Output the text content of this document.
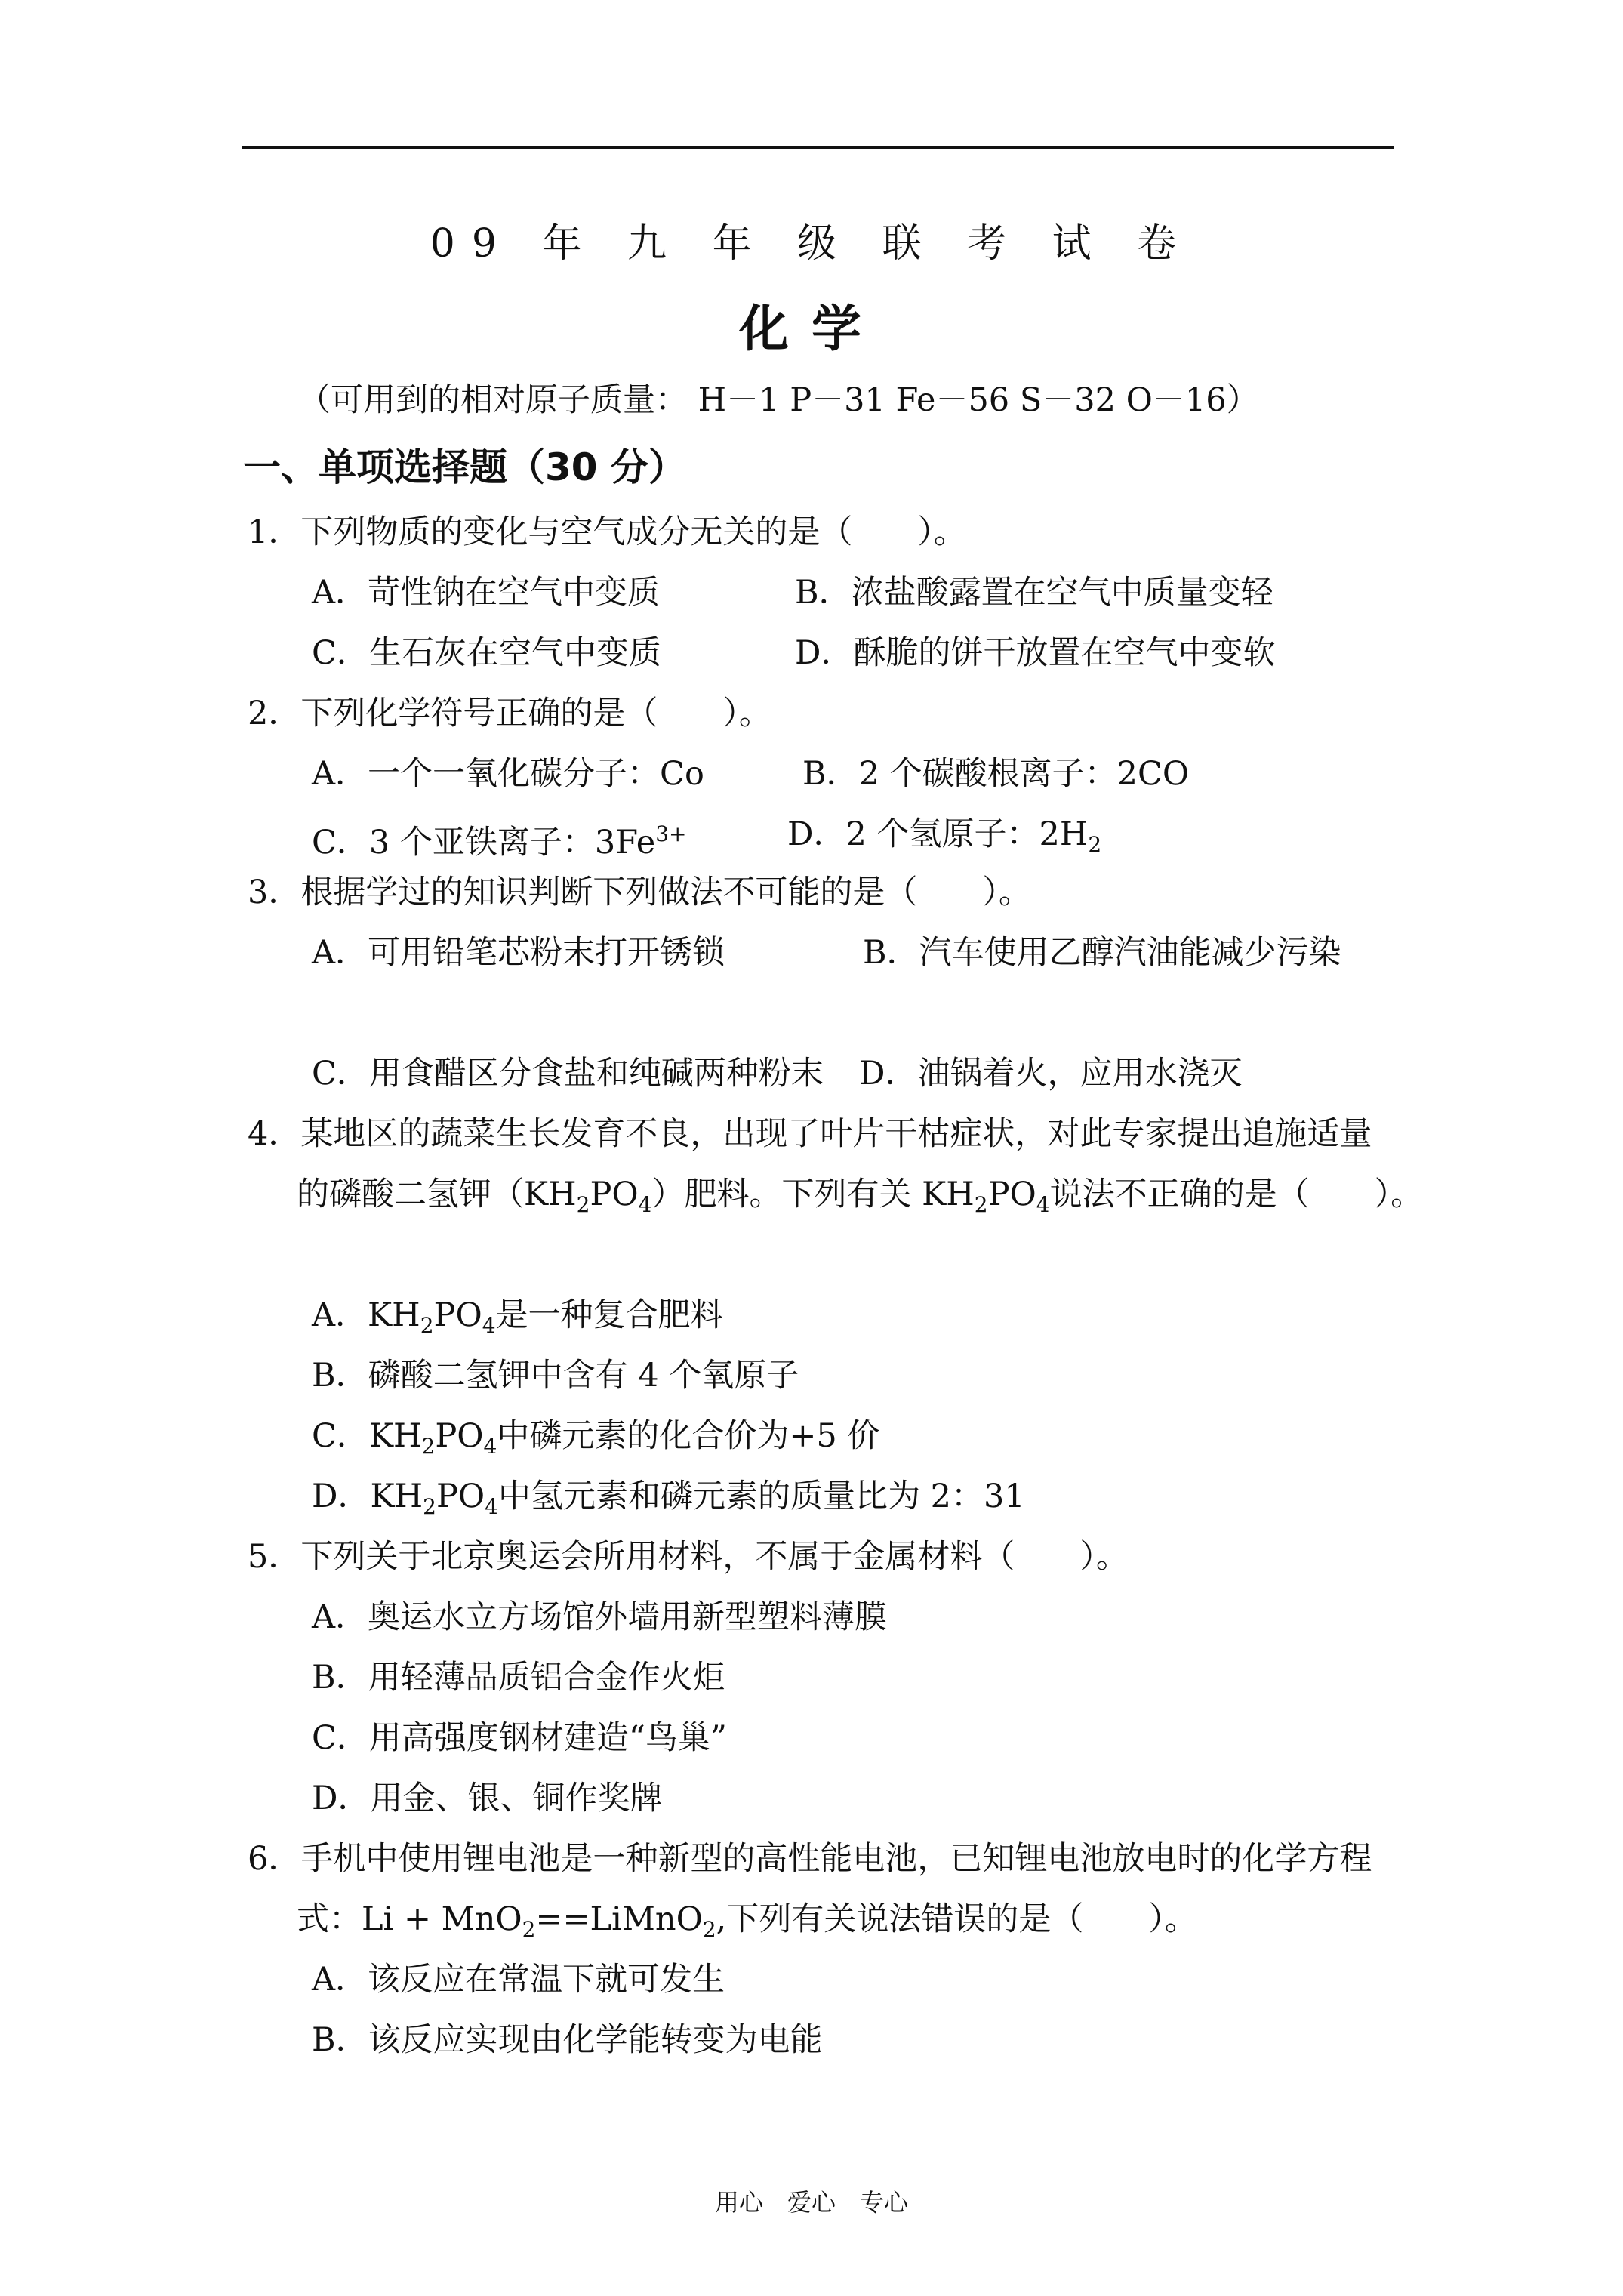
09 年 九 年 级 联 考 试 卷
化学
（可用到的相对原子质量： H－1 P－31 Fe－56 S－32 O－16）
一、单项选择题（30 分）
1．下列物质的变化与空气成分无关的是（　　）。
A．苛性钠在空气中变质	B．浓盐酸露置在空气中质量变轻
C．生石灰在空气中变质	D．酥脆的饼干放置在空气中变软
2．下列化学符号正确的是（　　）。
A．一个一氧化碳分子：Co	B．2 个碳酸根离子：2CO
C．3 个亚铁离子：$3Fe^{3+}$	D．2 个氢原子：$2H_2$
3．根据学过的知识判断下列做法不可能的是（　　）。
A．可用铅笔芯粉末打开锈锁	B．汽车使用乙醇汽油能减少污染
C．用食醋区分食盐和纯碱两种粉末 D．油锅着火，应用水浇灭
4．某地区的蔬菜生长发育不良，出现了叶片干枯症状，对此专家提出追施适量
的磷酸二氢钾$(KH_2PO_4)$肥料。下列有关 $KH_2PO_4$说法不正确的是（　　）。
A．$KH_2PO_4$是一种复合肥料
B．磷酸二氢钾中含有 4 个氧原子
C．$KH_2PO_4$中磷元素的化合价为+5 价
D．$KH_2PO_4$中氢元素和磷元素的质量比为 2：31
5．下列关于北京奥运会所用材料，不属于金属材料（　　）。
A．奥运水立方场馆外墙用新型塑料薄膜
B．用轻薄品质铝合金作火炬
C．用高强度钢材建造“鸟巢”
D．用金、银、铜作奖牌
6．手机中使用锂电池是一种新型的高性能电池，已知锂电池放电时的化学方程
式：Li + MnO$_2$==LiMnO$_2$,下列有关说法错误的是（　　）。
A．该反应在常温下就可发生
B．该反应实现由化学能转变为电能
用心　爱心　专心
